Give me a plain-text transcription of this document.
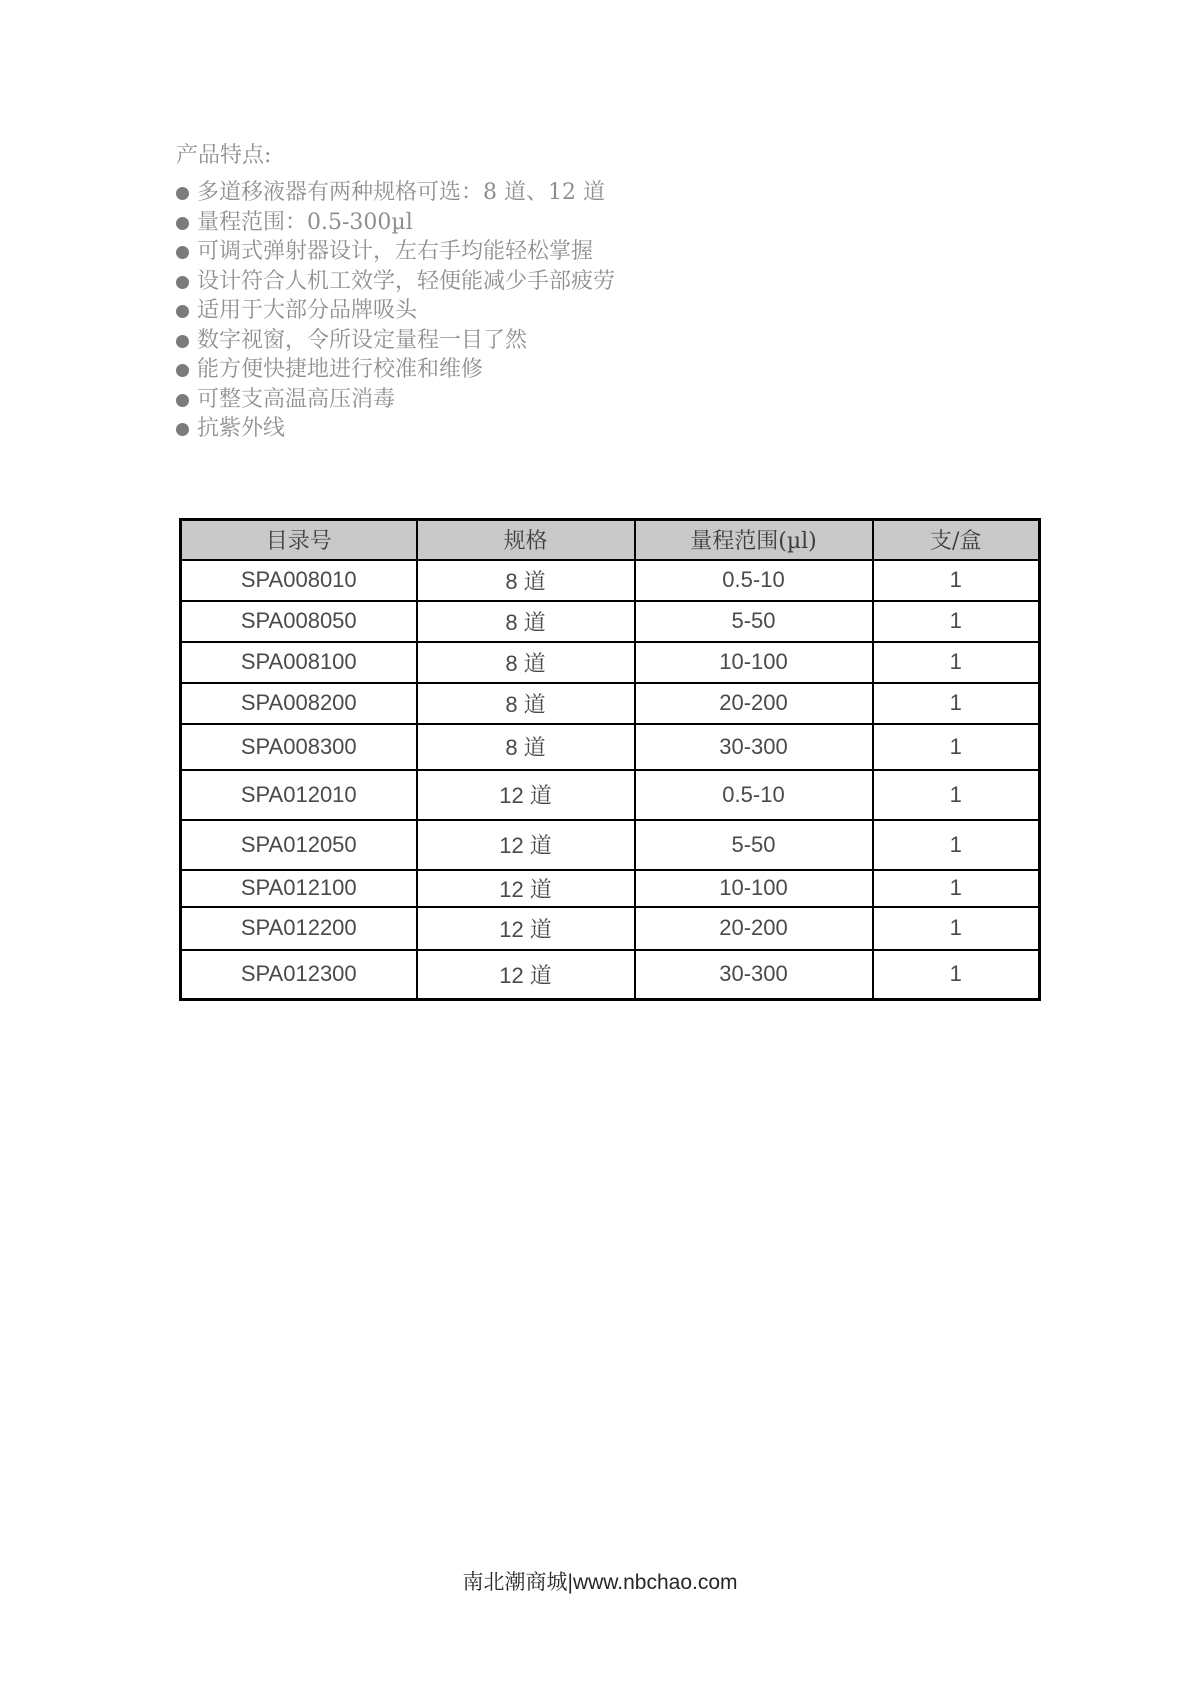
产品特点:
多道移液器有两种规格可选：8 道、12 道
量程范围：0.5-300µl
可调式弹射器设计，左右手均能轻松掌握
设计符合人机工效学，轻便能减少手部疲劳
适用于大部分品牌吸头
数字视窗，令所设定量程一目了然
能方便快捷地进行校准和维修
可整支高温高压消毒
抗紫外线
目录号	规格	量程范围(µl)	支/盒
SPA008010	8 道	0.5-10	1
SPA008050	8 道	5-50	1
SPA008100	8 道	10-100	1
SPA008200	8 道	20-200	1
SPA008300	8 道	30-300	1
SPA012010	12 道	0.5-10	1
SPA012050	12 道	5-50	1
SPA012100	12 道	10-100	1
SPA012200	12 道	20-200	1
SPA012300	12 道	30-300	1
南北潮商城|www.nbchao.com
